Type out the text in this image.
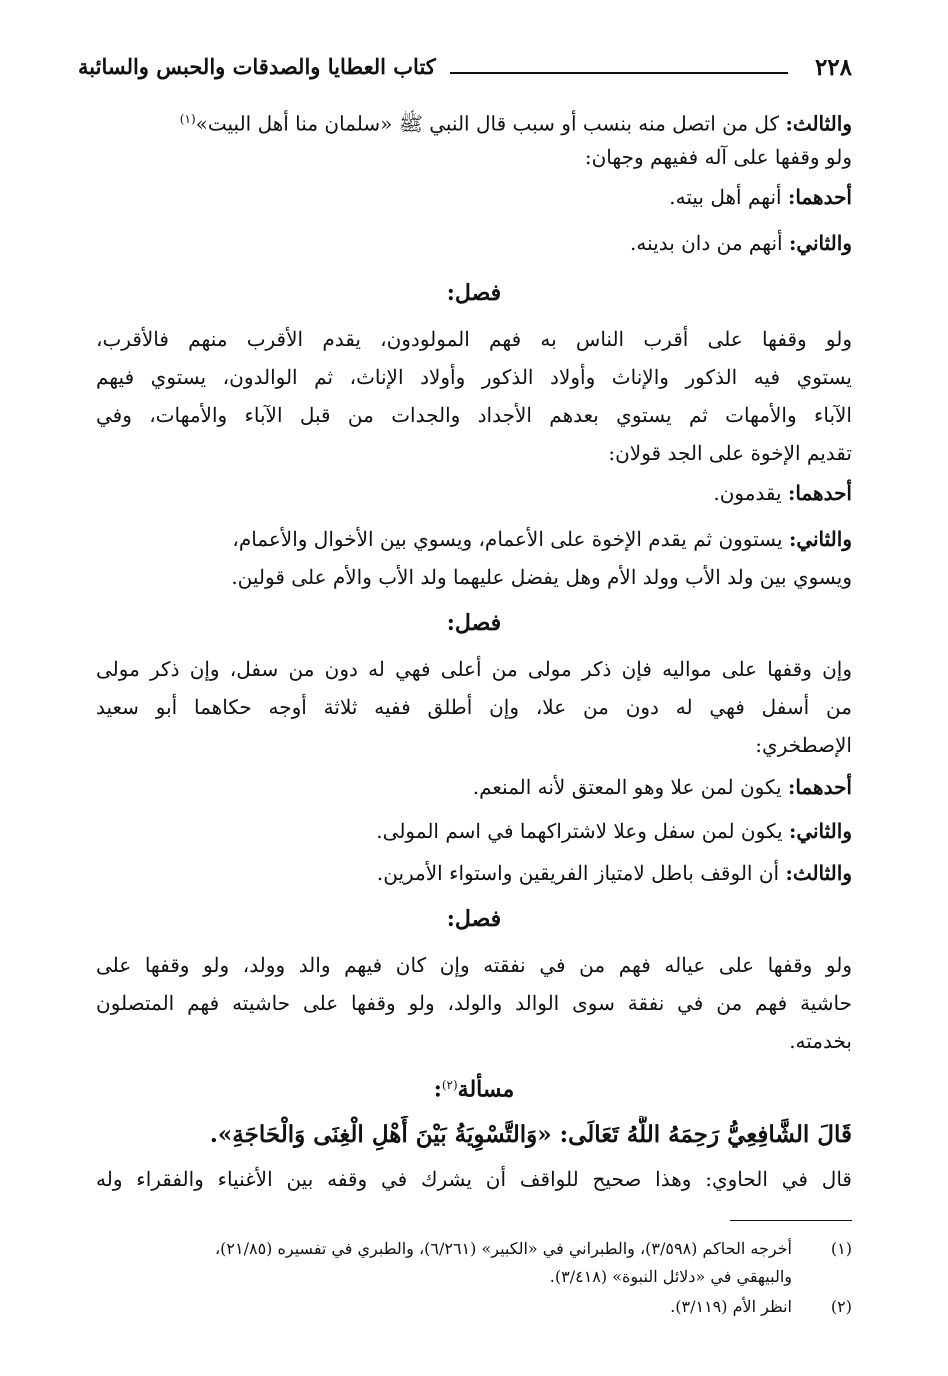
٢٢٨
كتاب العطايا والصدقات والحبس والسائبة
والثالث: كل من اتصل منه بنسب أو سبب قال النبي ﷺ «سلمان منا أهل البيت»$^{(١)}$
ولو وقفها على آله ففيهم وجهان:
أحدهما: أنهم أهل بيته.
والثاني: أنهم من دان بدينه.
فصل:
ولو وقفها على أقرب الناس به فهم المولودون، يقدم الأقرب منهم فالأقرب،
يستوي فيه الذكور والإناث وأولاد الذكور وأولاد الإناث، ثم الوالدون، يستوي فيهم
الآباء والأمهات ثم يستوي بعدهم الأجداد والجدات من قبل الآباء والأمهات، وفي
تقديم الإخوة على الجد قولان:
أحدهما: يقدمون.
والثاني: يستوون ثم يقدم الإخوة على الأعمام، ويسوي بين الأخوال والأعمام،
ويسوي بين ولد الأب وولد الأم وهل يفضل عليهما ولد الأب والأم على قولين.
فصل:
وإن وقفها على مواليه فإن ذكر مولى من أعلى فهي له دون من سفل، وإن ذكر مولى
من أسفل فهي له دون من علا، وإن أطلق ففيه ثلاثة أوجه حكاهما أبو سعيد
الإصطخري:
أحدهما: يكون لمن علا وهو المعتق لأنه المنعم.
والثاني: يكون لمن سفل وعلا لاشتراكهما في اسم المولى.
والثالث: أن الوقف باطل لامتياز الفريقين واستواء الأمرين.
فصل:
ولو وقفها على عياله فهم من في نفقته وإن كان فيهم والد وولد، ولو وقفها على
حاشية فهم من في نفقة سوى الوالد والولد، ولو وقفها على حاشيته فهم المتصلون
بخدمته.
مسألة$^{(٢)}$:
قَالَ الشَّافِعِيُّ رَحِمَهُ اللَّهُ تَعَالَى: «وَالتَّسْوِيَةُ بَيْنَ أَهْلِ الْغِنَى وَالْحَاجَةِ».
قال في الحاوي: وهذا صحيح للواقف أن يشرك في وقفه بين الأغنياء والفقراء وله
(١)أخرجه الحاكم (٣/٥٩٨)، والطبراني في «الكبير» (٦/٢٦١)، والطبري في تفسيره (٢١/٨٥)،
والبيهقي في «دلائل النبوة» (٣/٤١٨).
(٢)انظر الأم (٣/١١٩).
